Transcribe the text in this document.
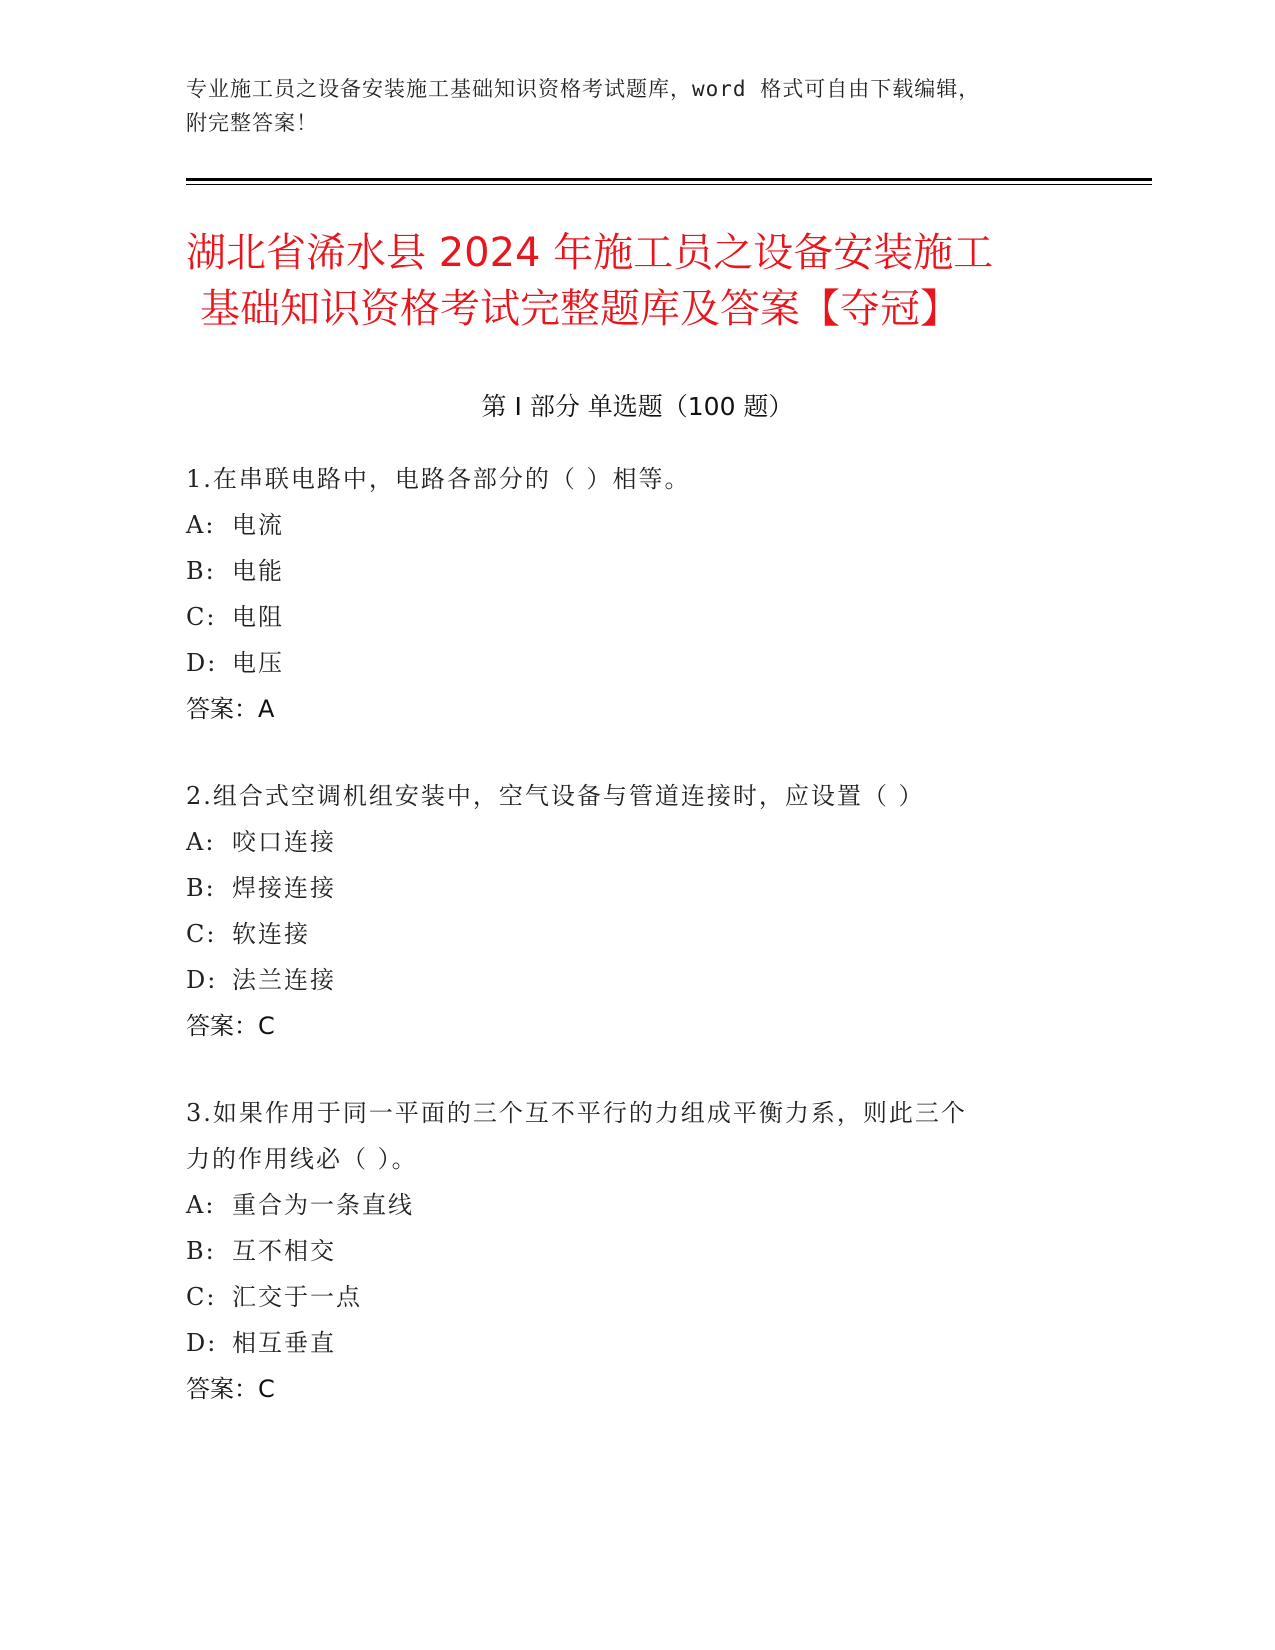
专业施工员之设备安装施工基础知识资格考试题库，word 格式可自由下载编辑，
附完整答案！
湖北省浠水县 2024 年施工员之设备安装施工
基础知识资格考试完整题库及答案【夺冠】
第 I 部分 单选题（100 题）
1.在串联电路中，电路各部分的（ ）相等。
A: 电流
B: 电能
C: 电阻
D: 电压
答案：A
2.组合式空调机组安装中，空气设备与管道连接时，应设置（ ）
A: 咬口连接
B: 焊接连接
C: 软连接
D: 法兰连接
答案：C
3.如果作用于同一平面的三个互不平行的力组成平衡力系，则此三个
力的作用线必（ ）。
A: 重合为一条直线
B: 互不相交
C: 汇交于一点
D: 相互垂直
答案：C
